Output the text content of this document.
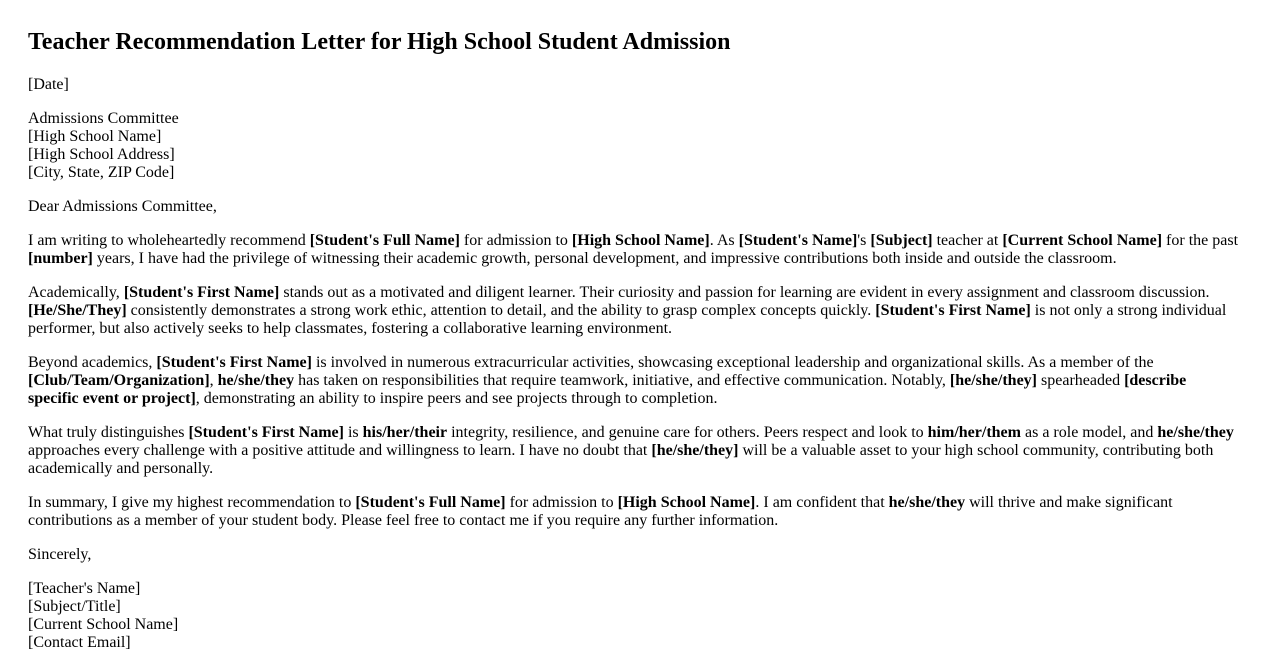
Teacher Recommendation Letter for High School Student Admission

[Date]

Admissions Committee
[High School Name]
[High School Address]
[City, State, ZIP Code]

Dear Admissions Committee,

I am writing to wholeheartedly recommend [Student's Full Name] for admission to [High School Name]. As [Student's Name]'s [Subject] teacher at [Current School Name] for the past [number] years, I have had the privilege of witnessing their academic growth, personal development, and impressive contributions both inside and outside the classroom.

Academically, [Student's First Name] stands out as a motivated and diligent learner. Their curiosity and passion for learning are evident in every assignment and classroom discussion. [He/She/They] consistently demonstrates a strong work ethic, attention to detail, and the ability to grasp complex concepts quickly. [Student's First Name] is not only a strong individual performer, but also actively seeks to help classmates, fostering a collaborative learning environment.

Beyond academics, [Student's First Name] is involved in numerous extracurricular activities, showcasing exceptional leadership and organizational skills. As a member of the [Club/Team/Organization], he/she/they has taken on responsibilities that require teamwork, initiative, and effective communication. Notably, [he/she/they] spearheaded [describe specific event or project], demonstrating an ability to inspire peers and see projects through to completion.

What truly distinguishes [Student's First Name] is his/her/their integrity, resilience, and genuine care for others. Peers respect and look to him/her/them as a role model, and he/she/they approaches every challenge with a positive attitude and willingness to learn. I have no doubt that [he/she/they] will be a valuable asset to your high school community, contributing both academically and personally.

In summary, I give my highest recommendation to [Student's Full Name] for admission to [High School Name]. I am confident that he/she/they will thrive and make significant contributions as a member of your student body. Please feel free to contact me if you require any further information.

Sincerely,

[Teacher's Name]
[Subject/Title]
[Current School Name]
[Contact Email]
